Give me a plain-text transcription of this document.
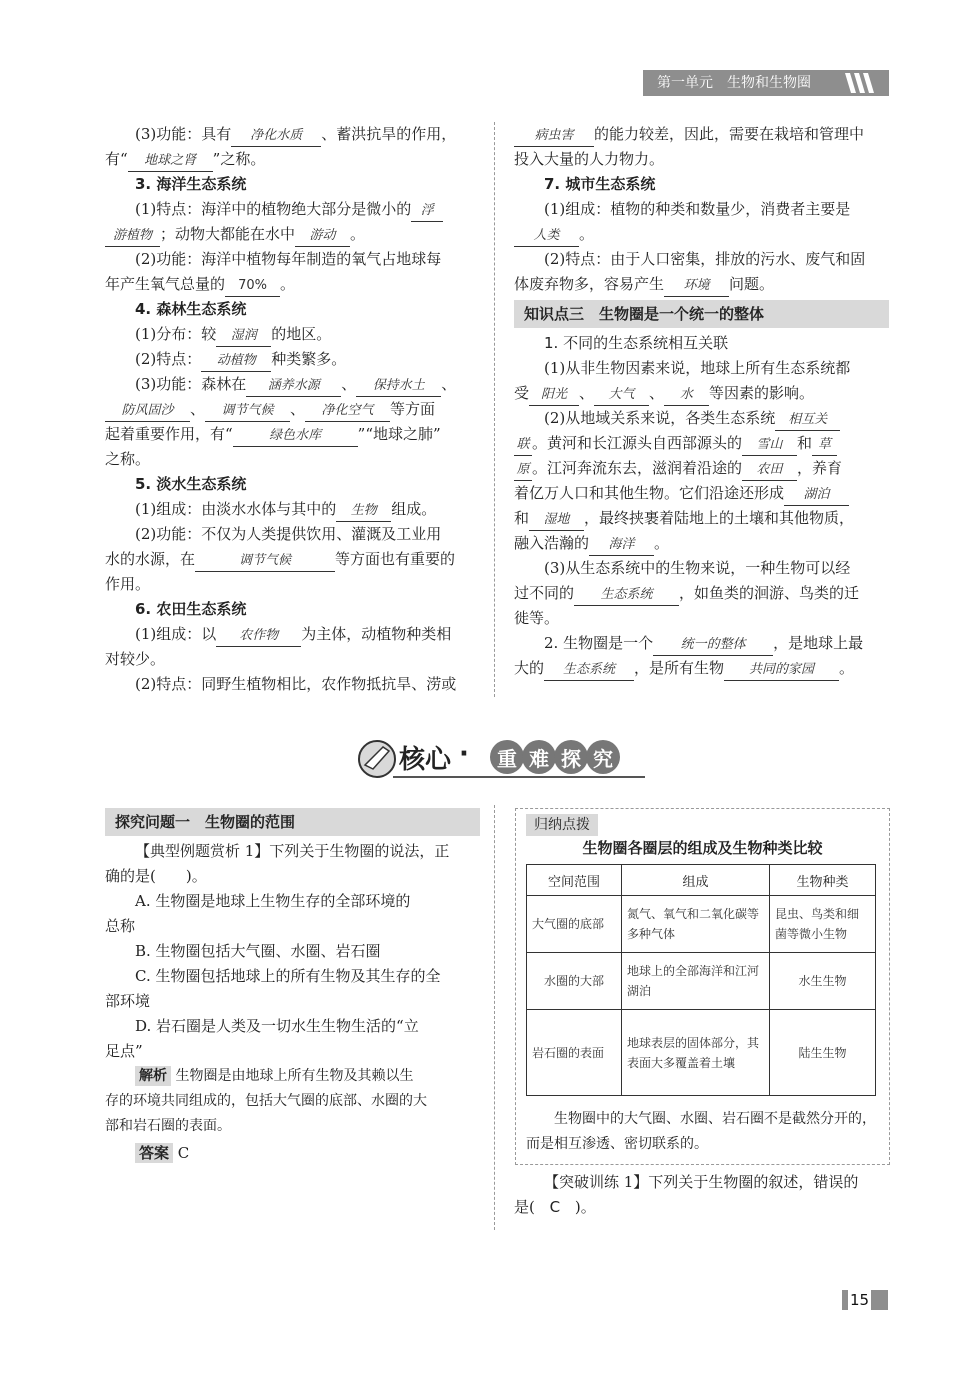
第一单元　生物和生物圈

(3)功能：具有 净化水质 、蓄洪抗旱的作用，

有“ 地球之肾 ”之称。

3. 海洋生态系统

(1)特点：海洋中的植物绝大部分是微小的 浮

游植物 ；动物大都能在水中 游动 。

(2)功能：海洋中植物每年制造的氧气占地球每

年产生氧气总量的 70% 。

4. 森林生态系统

(1)分布：较 湿润 的地区。

(2)特点： 动植物 种类繁多。

(3)功能：森林在 涵养水源 、 保持水土 、

防风固沙 、 调节气候 、 净化空气 等方面

起着重要作用，有“	绿色水库 ”“地球之肺”

之称。

5. 淡水生态系统

(1)组成：由淡水水体与其中的 生物 组成。

(2)功能：不仅为人类提供饮用、灌溉及工业用

水的水源，在	调节气候	等方面也有重要的

作用。

6. 农田生态系统

(1)组成：以 农作物 为主体，动植物种类相

对较少。

(2)特点：同野生植物相比，农作物抵抗旱、涝或

病虫害 的能力较差，因此，需要在栽培和管理中

投入大量的人力物力。

7. 城市生态系统

(1)组成：植物的种类和数量少，消费者主要是

人类 。

(2)特点：由于人口密集，排放的污水、废气和固

体废弃物多，容易产生 环境 问题。

知识点三　生物圈是一个统一的整体

1. 不同的生态系统相互关联

(1)从非生物因素来说，地球上所有生态系统都

受 阳光 、 大气 、 水 等因素的影响。

(2)从地域关系来说，各类生态系统 相互关

联 。黄河和长江源头自西部源头的 雪山 和 草

原 。江河奔流东去，滋润着沿途的 农田 ，养育

着亿万人口和其他生物。它们沿途还形成 湖泊

和 湿地 ，最终挟裹着陆地上的土壤和其他物质，

融入浩瀚的 海洋 。

(3)从生态系统中的生物来说，一种生物可以经

过不同的 生态系统 ，如鱼类的洄游、鸟类的迁

徙等。

2. 生物圈是一个 统一的整体 ，是地球上最

大的 生态系统 ，是所有生物 共同的家园 。

核心 · 重 难 探 究
探究问题一　生物圈的范围

【典型例题赏析 1】下列关于生物圈的说法，正

确的是(　　)。

A. 生物圈是地球上生物生存的全部环境的

总称

B. 生物圈包括大气圈、水圈、岩石圈

C. 生物圈包括地球上的所有生物及其生存的全

部环境

D. 岩石圈是人类及一切水生生物生活的“立

足点”

解析 生物圈是由地球上所有生物及其赖以生

存的环境共同组成的，包括大气圈的底部、水圈的大

部和岩石圈的表面。

答案 C

归纳点拨
生物圈各圈层的组成及生物种类比较
空间范围	组成	生物种类
大气圈的底部	氮气、氧气和二氧化碳等多种气体	昆虫、鸟类和细菌等微小生物
水圈的大部	地球上的全部海洋和江河湖泊	水生生物
岩石圈的表面	地球表层的固体部分，其表面大多覆盖着土壤	陆生生物
生物圈中的大气圈、水圈、岩石圈不是截然分开的，而是相互渗透、密切联系的。

【突破训练 1】下列关于生物圈的叙述，错误的

是( C )。

15
